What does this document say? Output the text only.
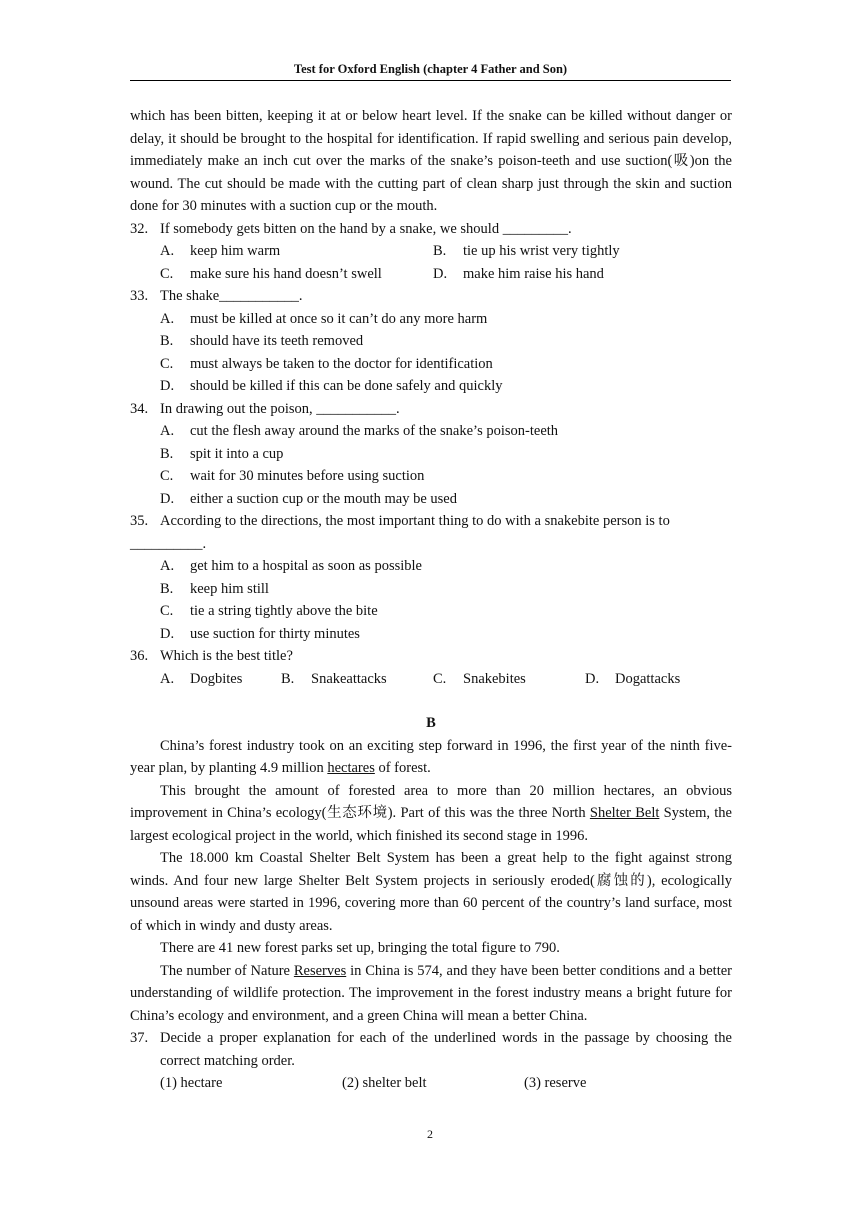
Test for Oxford English (chapter 4 Father and Son)

which has been bitten, keeping it at or below heart level. If the snake can be killed without danger or delay, it should be brought to the hospital for identification. If rapid swelling and serious pain develop, immediately make an inch cut over the marks of the snake’s poison-teeth and use suction(吸)on the wound. The cut should be made with the cutting part of clean sharp just through the skin and suction done for 30 minutes with a suction cup or the mouth.

32. If somebody gets bitten on the hand by a snake, we should _________.
A.	keep him warm	B.	tie up his wrist very tightly
C.	make sure his hand doesn’t swell	D.	make him raise his hand
33. The shake___________.
A.	must be killed at once so it can’t do any more harm
B.	should have its teeth removed
C.	must always be taken to the doctor for identification
D.	should be killed if this can be done safely and quickly
34. In drawing out the poison, ___________.
A.	cut the flesh away around the marks of the snake’s poison-teeth
B.	spit it into a cup
C.	wait for 30 minutes before using suction
D.	either a suction cup or the mouth may be used
35. According to the directions, the most important thing to do with a snakebite person is to
__________.
A.	get him to a hospital as soon as possible
B.	keep him still
C.	tie a string tightly above the bite
D.	use suction for thirty minutes
36. Which is the best title?
A.	Dogbites	B.	Snakeattacks	C.	Snakebites	D.	Dogattacks
B

China’s forest industry took on an exciting step forward in 1996, the first year of the ninth five-year plan, by planting 4.9 million hectares of forest.

This brought the amount of forested area to more than 20 million hectares, an obvious improvement in China’s ecology(生态环境). Part of this was the three North Shelter Belt System, the largest ecological project in the world, which finished its second stage in 1996.

The 18.000 km Coastal Shelter Belt System has been a great help to the fight against strong winds. And four new large Shelter Belt System projects in seriously eroded(腐蚀的), ecologically unsound areas were started in 1996, covering more than 60 percent of the country’s land surface, most of which in windy and dusty areas.

There are 41 new forest parks set up, bringing the total figure to 790.

The number of Nature Reserves in China is 574, and they have been better conditions and a better understanding of wildlife protection. The improvement in the forest industry means a bright future for China’s ecology and environment, and a green China will mean a better China.

37. Decide a proper explanation for each of the underlined words in the passage by choosing the correct matching order.
(1) hectare	(2) shelter belt	(3) reserve
2
